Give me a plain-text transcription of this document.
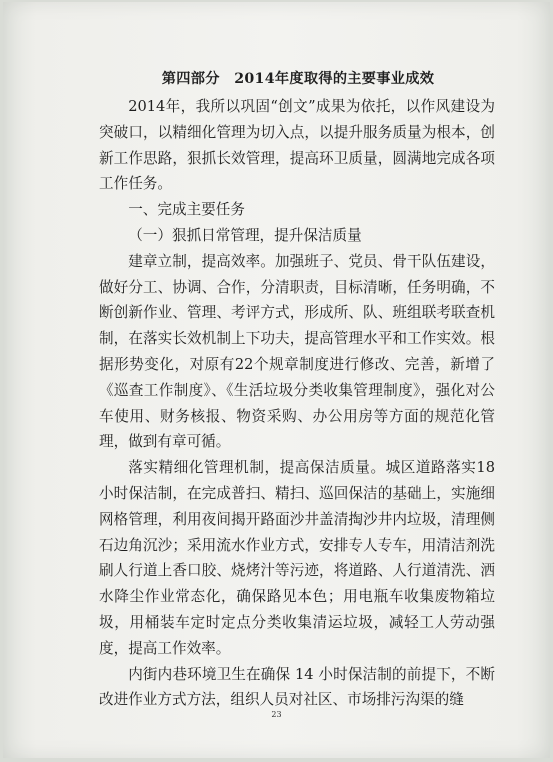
第四部分　2014年度取得的主要事业成效

2014年，我所以巩固“创文”成果为依托，以作风建设为突破口，以精细化管理为切入点，以提升服务质量为根本，创新工作思路，狠抓长效管理，提高环卫质量，圆满地完成各项工作任务。

一、完成主要任务

（一）狠抓日常管理，提升保洁质量

建章立制，提高效率。加强班子、党员、骨干队伍建设，做好分工、协调、合作，分清职责，目标清晰，任务明确，不断创新作业、管理、考评方式，形成所、队、班组联考联查机制，在落实长效机制上下功夫，提高管理水平和工作实效。根据形势变化，对原有22个规章制度进行修改、完善，新增了《巡查工作制度》、《生活垃圾分类收集管理制度》，强化对公车使用、财务核报、物资采购、办公用房等方面的规范化管理，做到有章可循。

落实精细化管理机制，提高保洁质量。城区道路落实18小时保洁制，在完成普扫、精扫、巡回保洁的基础上，实施细网格管理，利用夜间揭开路面沙井盖清掏沙井内垃圾，清理侧石边角沉沙；采用流水作业方式，安排专人专车，用清洁剂洗刷人行道上香口胶、烧烤汁等污迹，将道路、人行道清洗、洒水降尘作业常态化，确保路见本色；用电瓶车收集废物箱垃圾，用桶装车定时定点分类收集清运垃圾，减轻工人劳动强度，提高工作效率。

内街内巷环境卫生在确保 14 小时保洁制的前提下，不断改进作业方式方法，组织人员对社区、市场排污沟渠的缝

23
